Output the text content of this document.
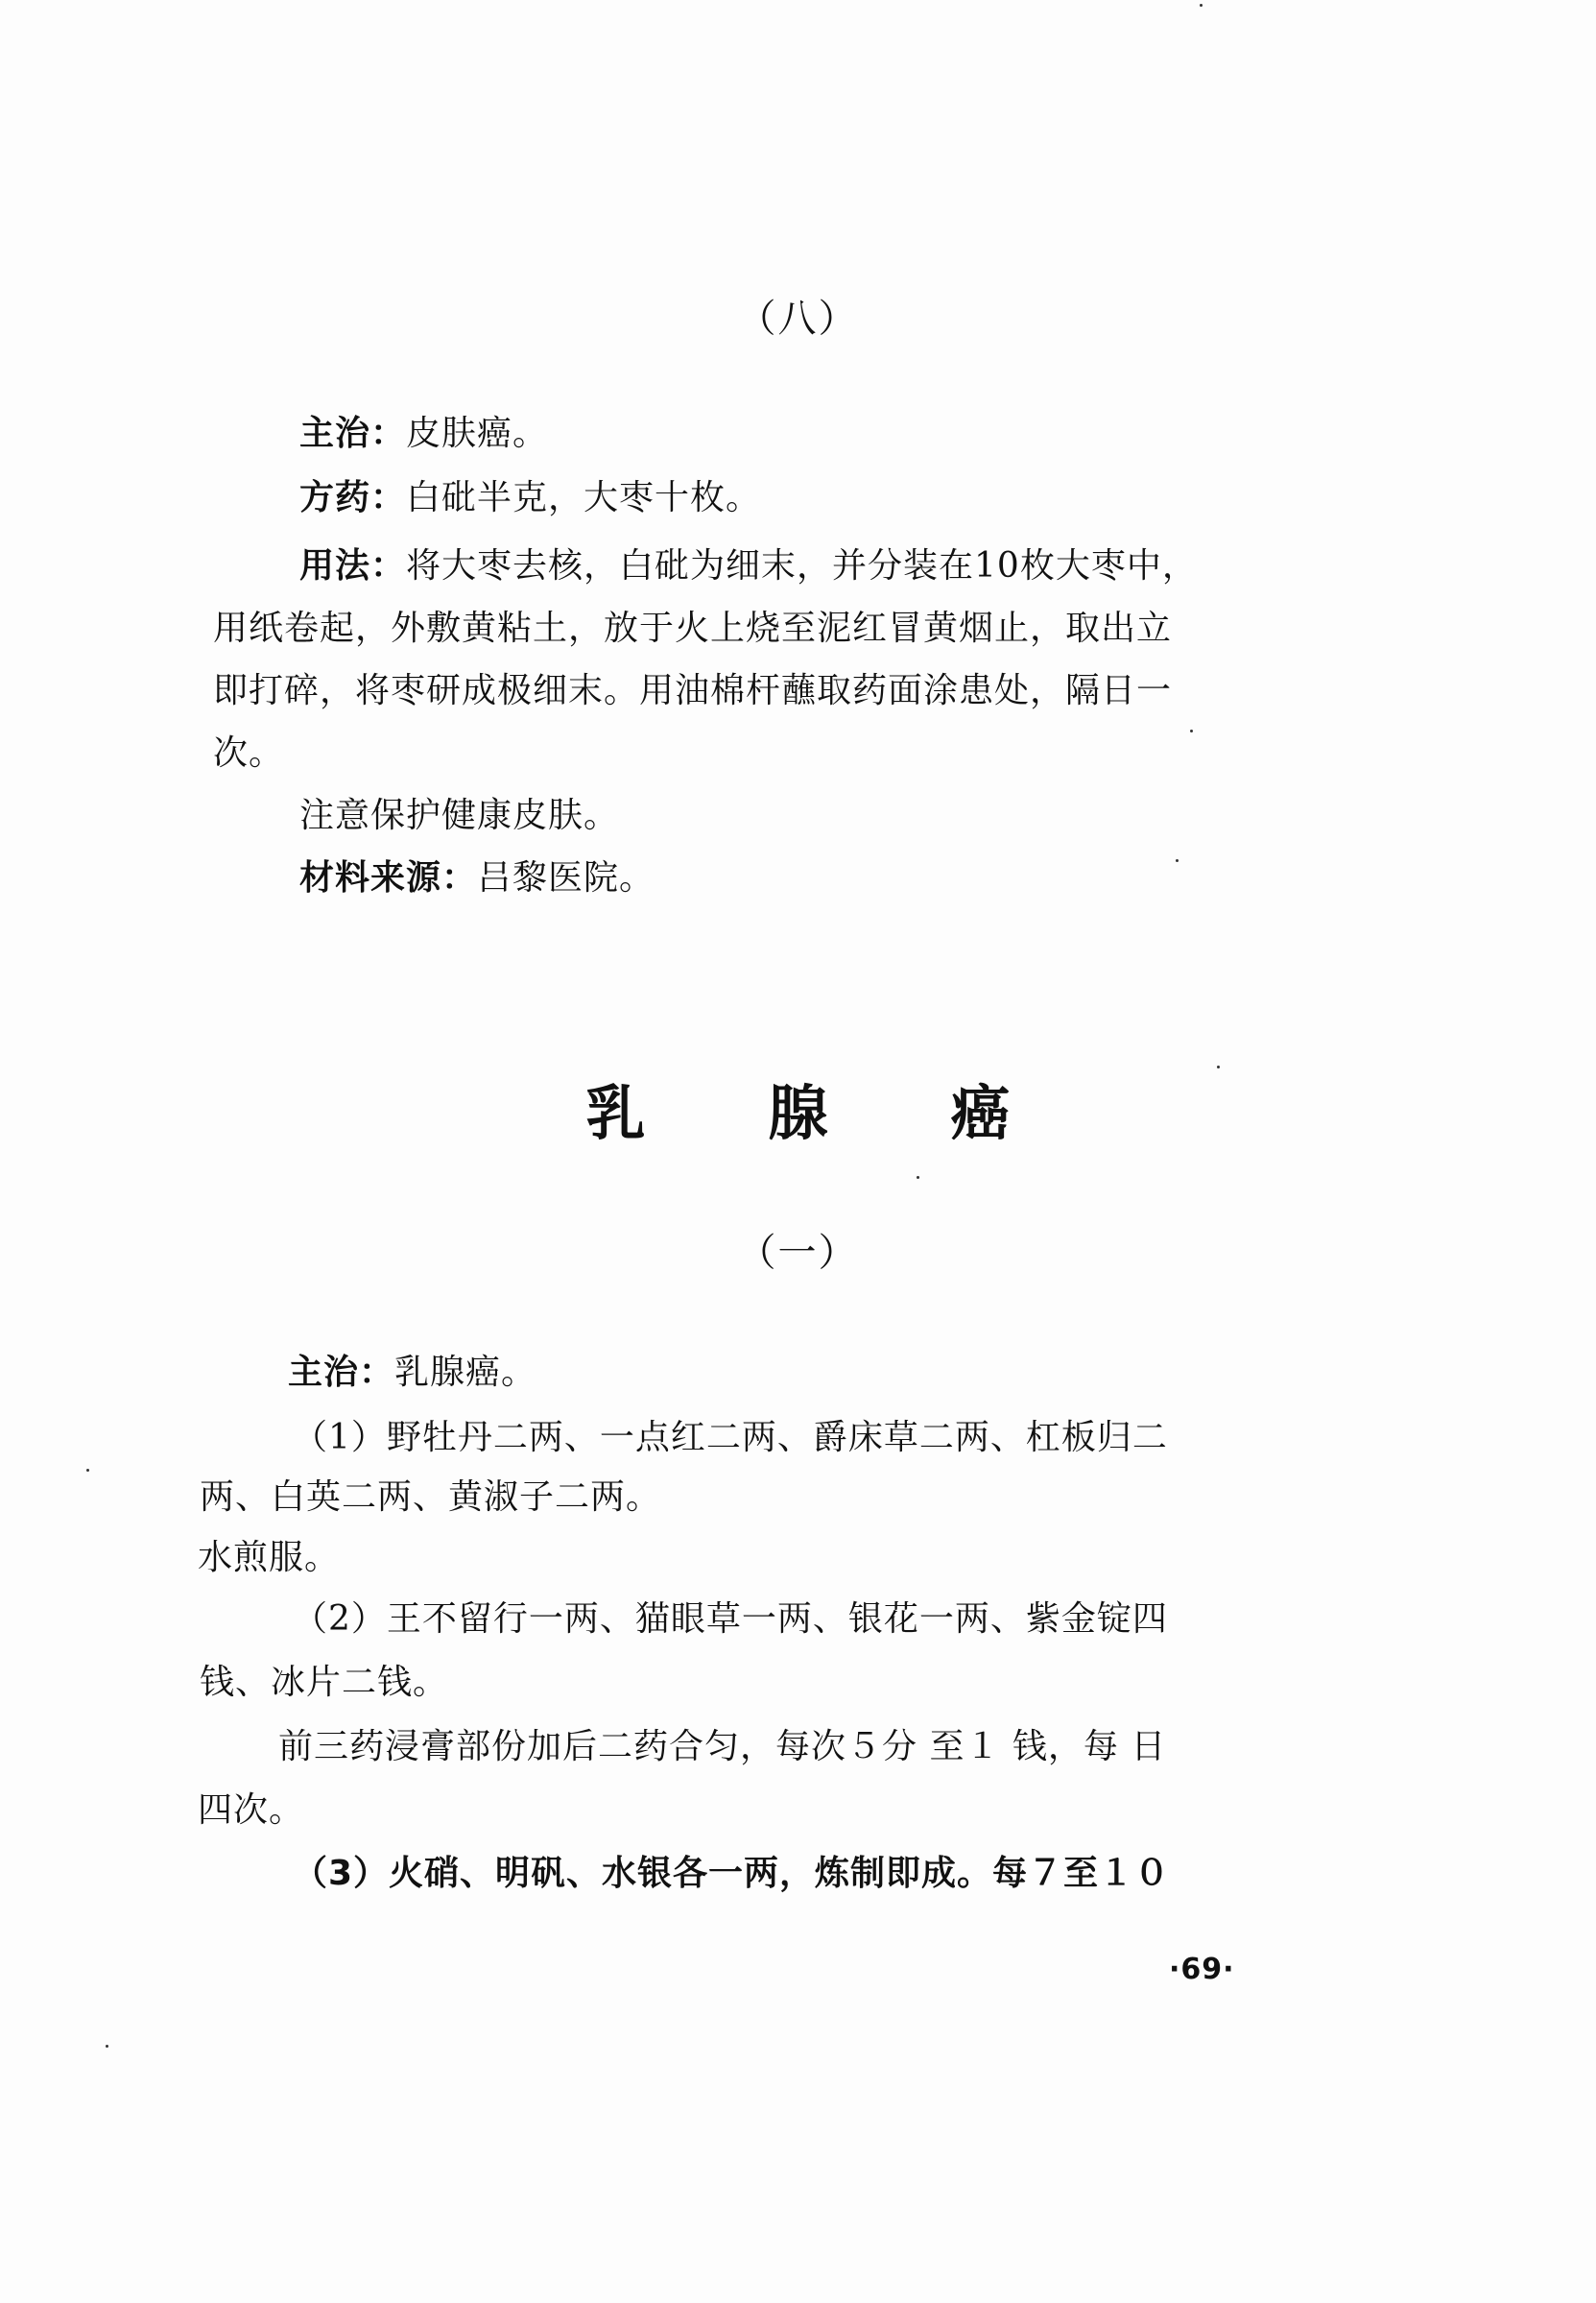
（八）
主治：皮肤癌。
方药：白砒半克，大枣十枚。
用法：将大枣去核，白砒为细末，并分装在10枚大枣中，
用纸卷起，外敷黄粘土，放于火上烧至泥红冒黄烟止，取出立
即打碎，将枣研成极细末。用油棉杆蘸取药面涂患处，隔日一
次。
注意保护健康皮肤。
材料来源：吕黎医院。
乳 腺 癌
（一）
主治：乳腺癌。
（1）野牡丹二两、一点红二两、爵床草二两、杠板归二
两、白英二两、黄淑子二两。
水煎服。
（2）王不留行一两、猫眼草一两、银花一两、紫金锭四
钱、冰片二钱。
前三药浸膏部份加后二药合匀，每次５分 至１ 钱，每 日
四次。
（3）火硝、明矾、水银各一两，炼制即成。每７至１０
·69·
